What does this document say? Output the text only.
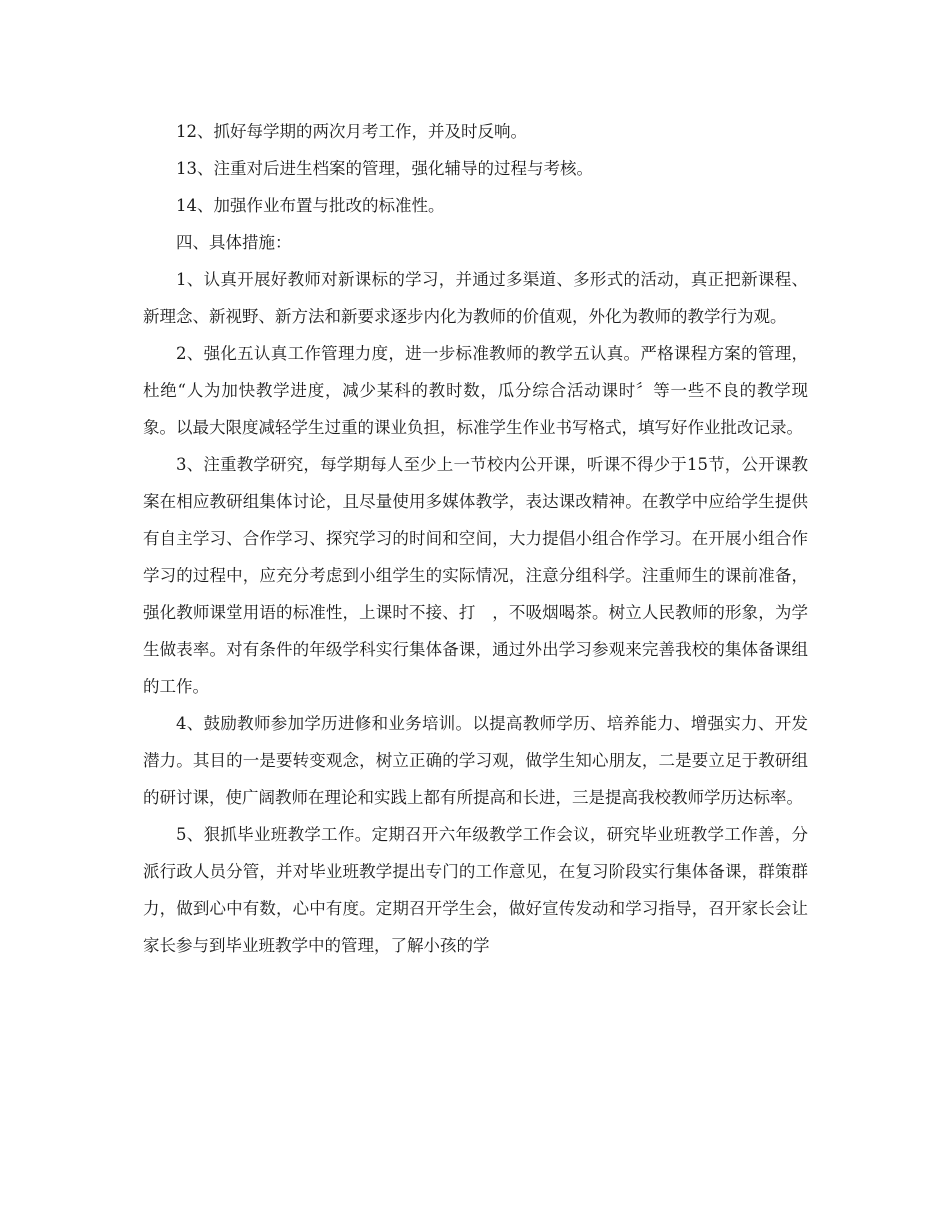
12、抓好每学期的两次月考工作，并及时反响。

13、注重对后进生档案的管理，强化辅导的过程与考核。

14、加强作业布置与批改的标准性。

四、具体措施：

1、认真开展好教师对新课标的学习，并通过多渠道、多形式的活动，真正把新课程、新理念、新视野、新方法和新要求逐步内化为教师的价值观，外化为教师的教学行为观。

2、强化五认真工作管理力度，进一步标准教师的教学五认真。严格课程方案的管理，杜绝“人为加快教学进度，减少某科的教时数，瓜分综合活动课时〞等一些不良的教学现象。以最大限度减轻学生过重的课业负担，标准学生作业书写格式，填写好作业批改记录。

3、注重教学研究，每学期每人至少上一节校内公开课，听课不得少于15节，公开课教案在相应教研组集体讨论，且尽量使用多媒体教学，表达课改精神。在教学中应给学生提供有自主学习、合作学习、探究学习的时间和空间，大力提倡小组合作学习。在开展小组合作学习的过程中，应充分考虑到小组学生的实际情况，注意分组科学。注重师生的课前准备，强化教师课堂用语的标准性，上课时不接、打　，不吸烟喝茶。树立人民教师的形象，为学生做表率。对有条件的年级学科实行集体备课，通过外出学习参观来完善我校的集体备课组的工作。

4、鼓励教师参加学历进修和业务培训。以提高教师学历、培养能力、增强实力、开发潜力。其目的一是要转变观念，树立正确的学习观，做学生知心朋友，二是要立足于教研组的研讨课，使广阔教师在理论和实践上都有所提高和长进，三是提高我校教师学历达标率。

5、狠抓毕业班教学工作。定期召开六年级教学工作会议，研究毕业班教学工作善，分派行政人员分管，并对毕业班教学提出专门的工作意见，在复习阶段实行集体备课，群策群力，做到心中有数，心中有度。定期召开学生会，做好宣传发动和学习指导，召开家长会让家长参与到毕业班教学中的管理，了解小孩的学
